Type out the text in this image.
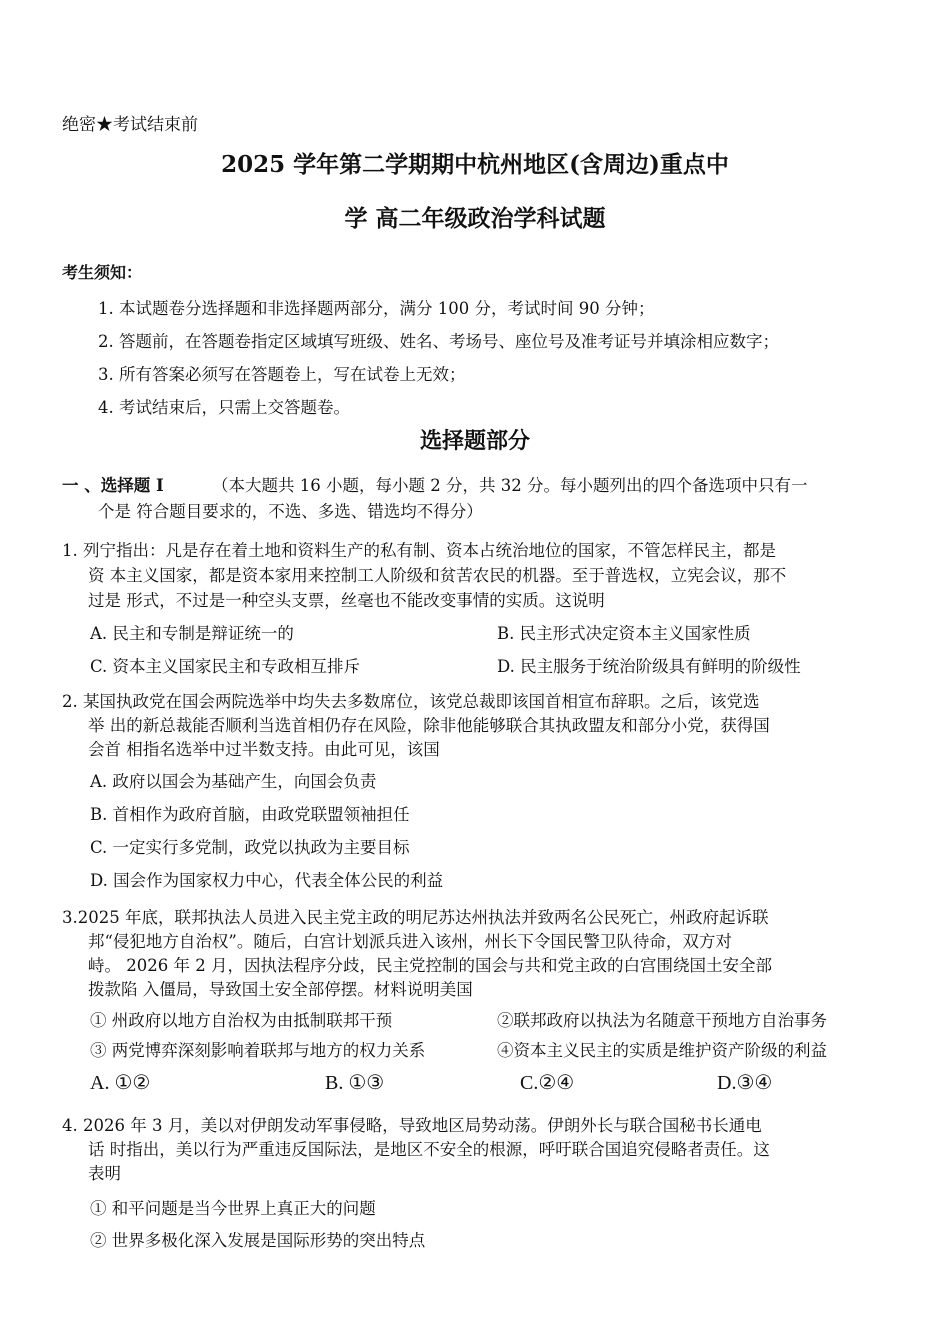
绝密★考试结束前
2025 学年第二学期期中杭州地区(含周边)重点中
学 高二年级政治学科试题
考生须知：
1. 本试题卷分选择题和非选择题两部分，满分 100 分，考试时间 90 分钟；
2. 答题前，在答题卷指定区域填写班级、姓名、考场号、座位号及准考证号并填涂相应数字；
3. 所有答案必须写在答题卷上，写在试卷上无效；
4. 考试结束后，只需上交答题卷。
选择题部分
一 、选择题 I	（本大题共 16 小题，每小题 2 分，共 32 分。每小题列出的四个备选项中只有一
个是 符合题目要求的，不选、多选、错选均不得分）
1. 列宁指出：凡是存在着土地和资料生产的私有制、资本占统治地位的国家，不管怎样民主，都是
资 本主义国家，都是资本家用来控制工人阶级和贫苦农民的机器。至于普选权，立宪会议，那不
过是 形式，不过是一种空头支票，丝毫也不能改变事情的实质。这说明
A. 民主和专制是辩证统一的	B. 民主形式决定资本主义国家性质
C. 资本主义国家民主和专政相互排斥	D. 民主服务于统治阶级具有鲜明的阶级性
2. 某国执政党在国会两院选举中均失去多数席位，该党总裁即该国首相宣布辞职。之后，该党选
举 出的新总裁能否顺利当选首相仍存在风险，除非他能够联合其执政盟友和部分小党，获得国
会首 相指名选举中过半数支持。由此可见，该国
A. 政府以国会为基础产生，向国会负责
B. 首相作为政府首脑，由政党联盟领袖担任
C. 一定实行多党制，政党以执政为主要目标
D. 国会作为国家权力中心，代表全体公民的利益
3.2025 年底，联邦执法人员进入民主党主政的明尼苏达州执法并致两名公民死亡，州政府起诉联
邦“侵犯地方自治权”。随后，白宫计划派兵进入该州，州长下令国民警卫队待命，双方对
峙。 2026 年 2 月，因执法程序分歧，民主党控制的国会与共和党主政的白宫围绕国土安全部
拨款陷 入僵局，导致国土安全部停摆。材料说明美国
① 州政府以地方自治权为由抵制联邦干预	②联邦政府以执法为名随意干预地方自治事务
③ 两党博弈深刻影响着联邦与地方的权力关系	④资本主义民主的实质是维护资产阶级的利益
A. ①②	B. ①③	C.②④	D.③④
4. 2026 年 3 月，美以对伊朗发动军事侵略，导致地区局势动荡。伊朗外长与联合国秘书长通电
话 时指出，美以行为严重违反国际法，是地区不安全的根源，呼吁联合国追究侵略者责任。这
表明
① 和平问题是当今世界上真正大的问题
② 世界多极化深入发展是国际形势的突出特点
